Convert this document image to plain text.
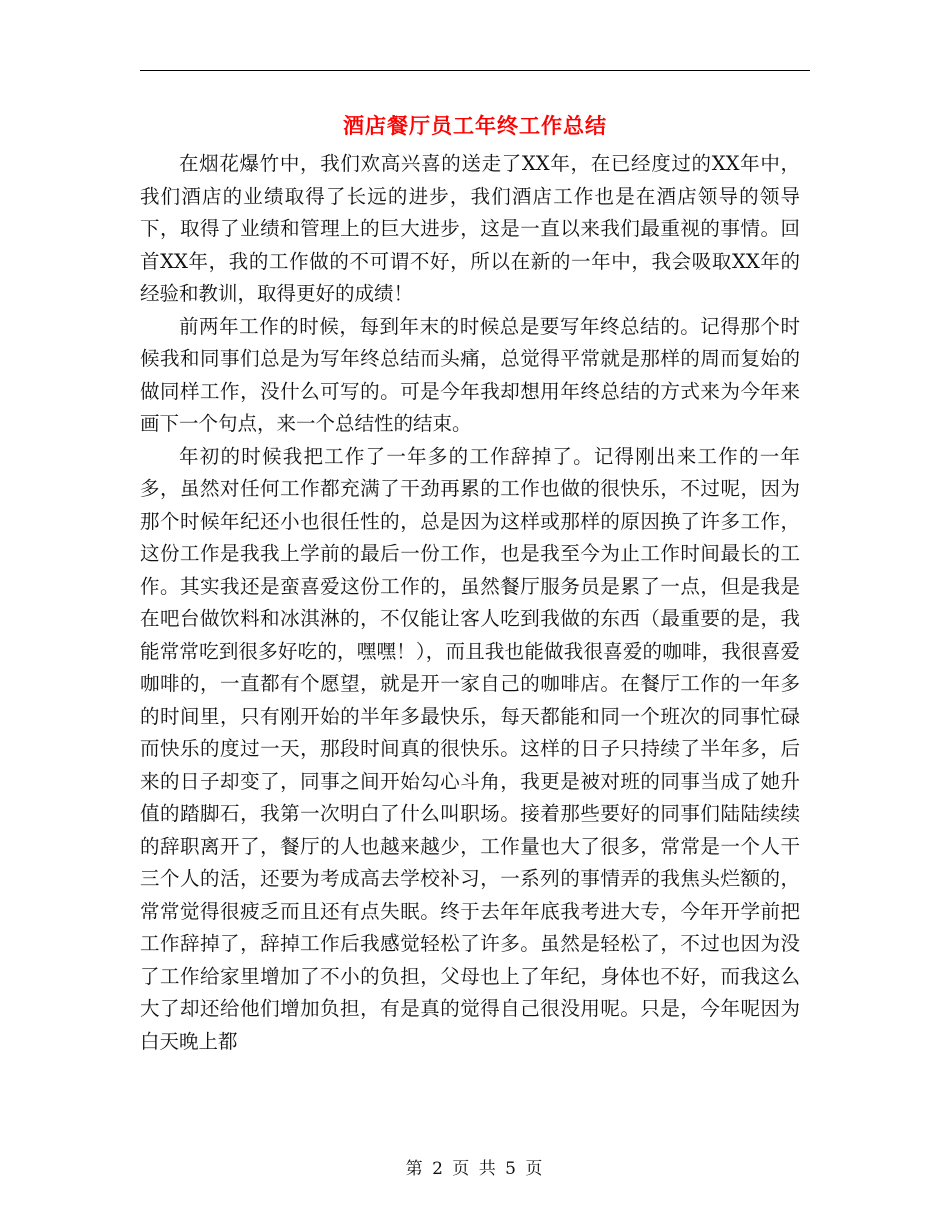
酒店餐厅员工年终工作总结

在烟花爆竹中，我们欢高兴喜的送走了XX年，在已经度过的XX年中，我们酒店的业绩取得了长远的进步，我们酒店工作也是在酒店领导的领导下，取得了业绩和管理上的巨大进步，这是一直以来我们最重视的事情。回首XX年，我的工作做的不可谓不好，所以在新的一年中，我会吸取XX年的经验和教训，取得更好的成绩！

前两年工作的时候，每到年末的时候总是要写年终总结的。记得那个时候我和同事们总是为写年终总结而头痛，总觉得平常就是那样的周而复始的做同样工作，没什么可写的。可是今年我却想用年终总结的方式来为今年来画下一个句点，来一个总结性的结束。

年初的时候我把工作了一年多的工作辞掉了。记得刚出来工作的一年多，虽然对任何工作都充满了干劲再累的工作也做的很快乐，不过呢，因为那个时候年纪还小也很任性的，总是因为这样或那样的原因换了许多工作，这份工作是我我上学前的最后一份工作，也是我至今为止工作时间最长的工作。其实我还是蛮喜爱这份工作的，虽然餐厅服务员是累了一点，但是我是在吧台做饮料和冰淇淋的，不仅能让客人吃到我做的东西（最重要的是，我能常常吃到很多好吃的，嘿嘿！），而且我也能做我很喜爱的咖啡，我很喜爱咖啡的，一直都有个愿望，就是开一家自己的咖啡店。在餐厅工作的一年多的时间里，只有刚开始的半年多最快乐，每天都能和同一个班次的同事忙碌而快乐的度过一天，那段时间真的很快乐。这样的日子只持续了半年多，后来的日子却变了，同事之间开始勾心斗角，我更是被对班的同事当成了她升值的踏脚石，我第一次明白了什么叫职场。接着那些要好的同事们陆陆续续的辞职离开了，餐厅的人也越来越少，工作量也大了很多，常常是一个人干三个人的活，还要为考成高去学校补习，一系列的事情弄的我焦头烂额的，常常觉得很疲乏而且还有点失眠。终于去年年底我考进大专，今年开学前把工作辞掉了，辞掉工作后我感觉轻松了许多。虽然是轻松了，不过也因为没了工作给家里增加了不小的负担，父母也上了年纪，身体也不好，而我这么大了却还给他们增加负担，有是真的觉得自己很没用呢。只是，今年呢因为白天晚上都

第 2 页 共 5 页
